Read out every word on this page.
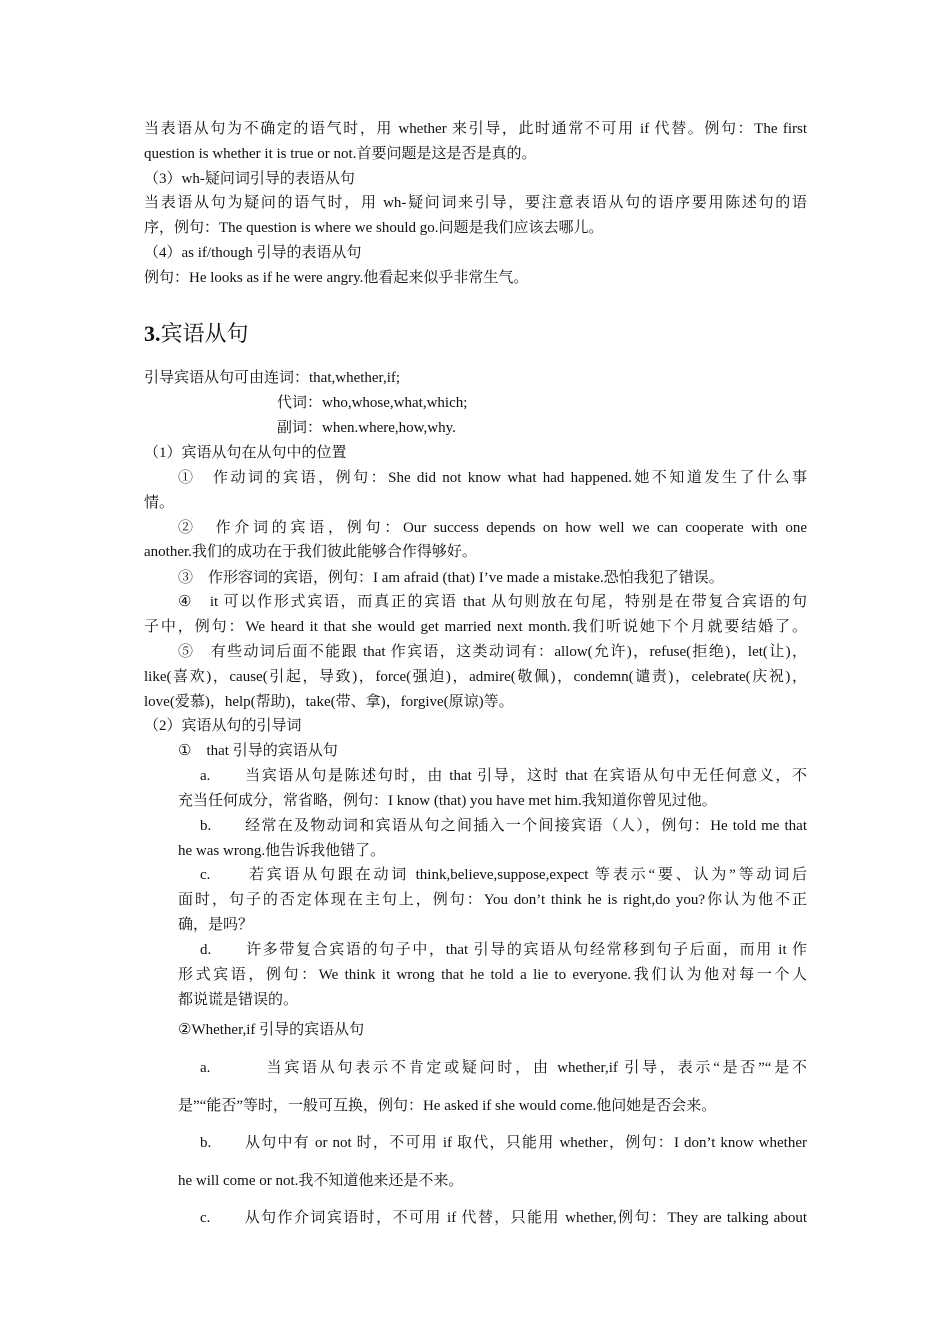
当表语从句为不确定的语气时，用 whether 来引导，此时通常不可用 if 代替。例句：The first
question is whether it is true or not.首要问题是这是否是真的。
（3）wh-疑问词引导的表语从句
当表语从句为疑问的语气时，用 wh-疑问词来引导，要注意表语从句的语序要用陈述句的语
序，例句：The question is where we should go.问题是我们应该去哪儿。
（4）as if/though 引导的表语从句
例句：He looks as if he were angry.他看起来似乎非常生气。
3.宾语从句
引导宾语从句可由连词：that,whether,if;
代词：who,whose,what,which;
副词：when.where,how,why.
（1）宾语从句在从句中的位置
①　作动词的宾语，例句：She did not know what had happened.她不知道发生了什么事
情。
②　作介词的宾语，例句：Our success depends on how well we can cooperate with one
another.我们的成功在于我们彼此能够合作得够好。
③　作形容词的宾语，例句：I am afraid (that) I’ve made a mistake.恐怕我犯了错误。
④　it 可以作形式宾语，而真正的宾语 that 从句则放在句尾，特别是在带复合宾语的句
子中，例句：We heard it that she would get married next month.我们听说她下个月就要结婚了。
⑤　有些动词后面不能跟 that 作宾语，这类动词有：allow(允许)，refuse(拒绝)，let(让)，
like(喜欢)，cause(引起，导致)，force(强迫)，admire(敬佩)，condemn(谴责)，celebrate(庆祝)，
love(爱慕)，help(帮助)，take(带、拿)，forgive(原谅)等。
（2）宾语从句的引导词
①　that 引导的宾语从句
a.　　当宾语从句是陈述句时，由 that 引导，这时 that 在宾语从句中无任何意义，不
充当任何成分，常省略，例句：I know (that) you have met him.我知道你曾见过他。
b.　　经常在及物动词和宾语从句之间插入一个间接宾语（人），例句：He told me that
he was wrong.他告诉我他错了。
c.　　若宾语从句跟在动词 think,believe,suppose,expect 等表示“要、认为”等动词后
面时，句子的否定体现在主句上，例句：You don’t think he is right,do you?你认为他不正
确，是吗？
d.　　许多带复合宾语的句子中，that 引导的宾语从句经常移到句子后面，而用 it 作
形式宾语，例句：We think it wrong that he told a lie to everyone.我们认为他对每一个人
都说谎是错误的。
②Whether,if 引导的宾语从句
a.　　　当宾语从句表示不肯定或疑问时，由 whether,if 引导，表示“是否”“是不
是”“能否”等时，一般可互换，例句：He asked if she would come.他问她是否会来。
b.　　从句中有 or not 时，不可用 if 取代，只能用 whether，例句：I don’t know whether
he will come or not.我不知道他来还是不来。
c.　　从句作介词宾语时，不可用 if 代替，只能用 whether,例句：They are talking about
